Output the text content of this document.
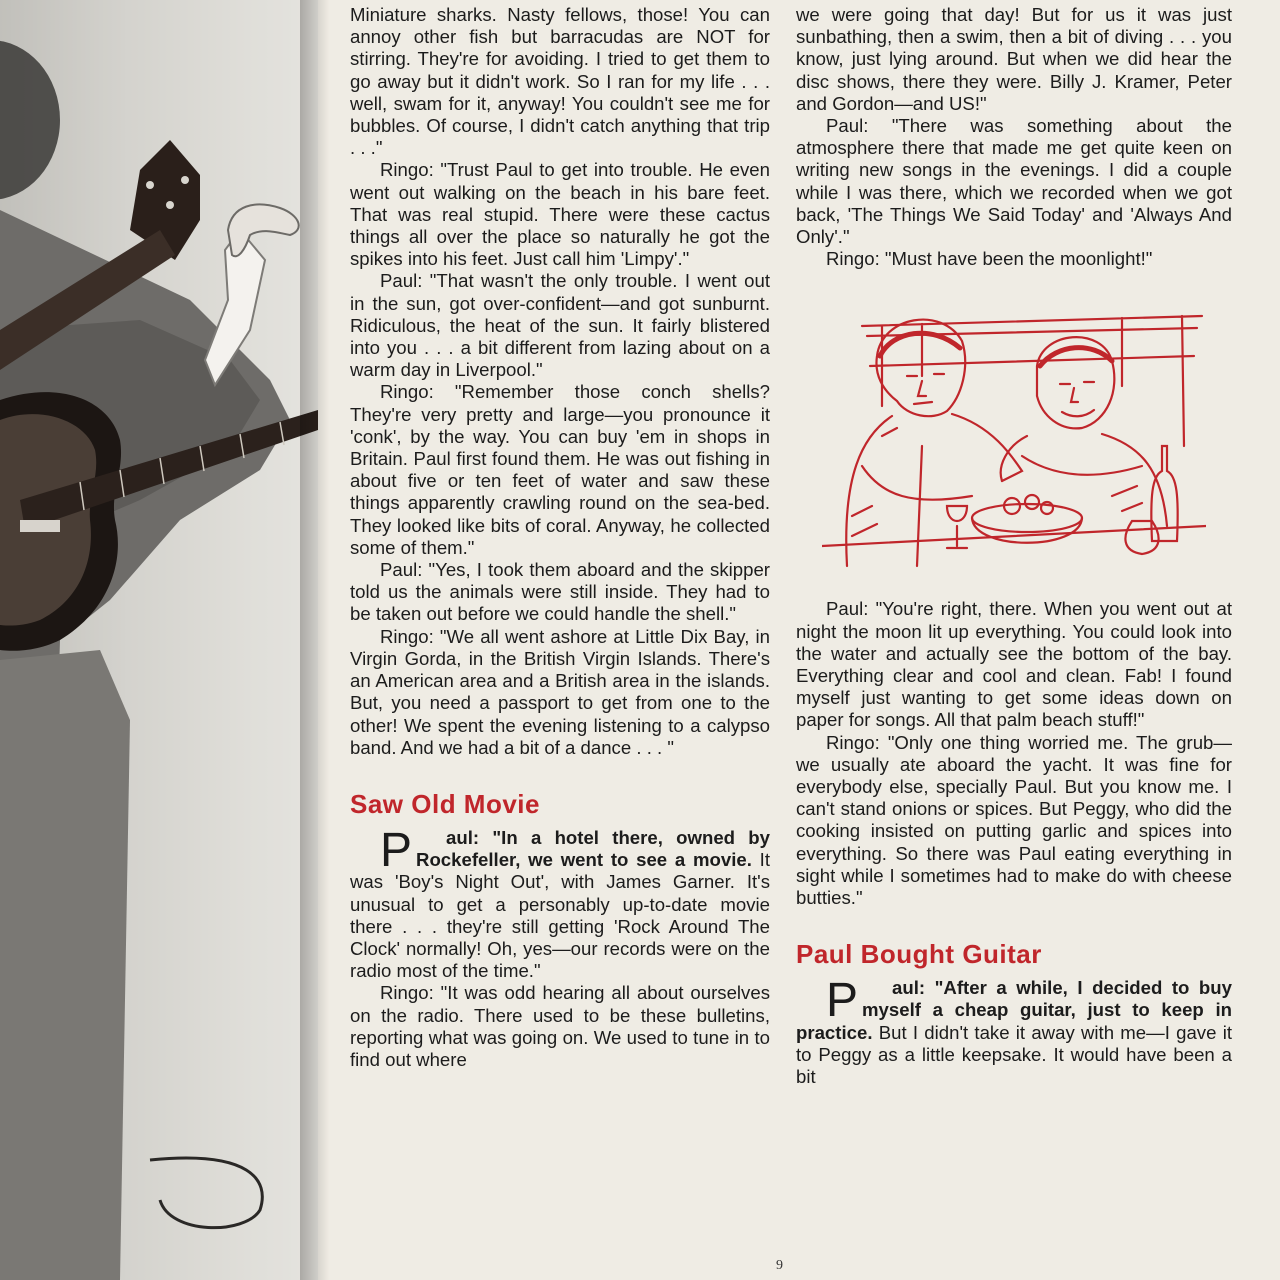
Miniature sharks. Nasty fellows, those! You can annoy other fish but barracudas are NOT for stirring. They're for avoiding. I tried to get them to go away but it didn't work. So I ran for my life . . . well, swam for it, anyway! You couldn't see me for bubbles. Of course, I didn't catch anything that trip . . ."

Ringo: "Trust Paul to get into trouble. He even went out walking on the beach in his bare feet. That was real stupid. There were these cactus things all over the place so naturally he got the spikes into his feet. Just call him 'Limpy'."

Paul: "That wasn't the only trouble. I went out in the sun, got over-confident—and got sunburnt. Ridiculous, the heat of the sun. It fairly blistered into you . . . a bit different from lazing about on a warm day in Liverpool."

Ringo: "Remember those conch shells? They're very pretty and large—you pronounce it 'conk', by the way. You can buy 'em in shops in Britain. Paul first found them. He was out fishing in about five or ten feet of water and saw these things apparently crawling round on the sea-bed. They looked like bits of coral. Anyway, he collected some of them."

Paul: "Yes, I took them aboard and the skipper told us the animals were still inside. They had to be taken out before we could handle the shell."

Ringo: "We all went ashore at Little Dix Bay, in Virgin Gorda, in the British Virgin Islands. There's an American area and a British area in the islands. But, you need a passport to get from one to the other! We spent the evening listening to a calypso band. And we had a bit of a dance . . . "

Saw Old Movie

P aul: "In a hotel there, owned by Rockefeller, we went to see a movie. It was 'Boy's Night Out', with James Garner. It's unusual to get a personably up-to-date movie there . . . they're still getting 'Rock Around The Clock' normally! Oh, yes—our records were on the radio most of the time."

Ringo: "It was odd hearing all about ourselves on the radio. There used to be these bulletins, reporting what was going on. We used to tune in to find out where

we were going that day! But for us it was just sunbathing, then a swim, then a bit of diving . . . you know, just lying around. But when we did hear the disc shows, there they were. Billy J. Kramer, Peter and Gordon—and US!"

Paul: "There was something about the atmosphere there that made me get quite keen on writing new songs in the evenings. I did a couple while I was there, which we recorded when we got back, 'The Things We Said Today' and 'Always And Only'."

Ringo: "Must have been the moonlight!"

Paul: "You're right, there. When you went out at night the moon lit up everything. You could look into the water and actually see the bottom of the bay. Everything clear and cool and clean. Fab! I found myself just wanting to get some ideas down on paper for songs. All that palm beach stuff!"

Ringo: "Only one thing worried me. The grub—we usually ate aboard the yacht. It was fine for everybody else, specially Paul. But you know me. I can't stand onions or spices. But Peggy, who did the cooking insisted on putting garlic and spices into everything. So there was Paul eating everything in sight while I sometimes had to make do with cheese butties."

Paul Bought Guitar

P aul: "After a while, I decided to buy myself a cheap guitar, just to keep in practice. But I didn't take it away with me—I gave it to Peggy as a little keepsake. It would have been a bit

9
